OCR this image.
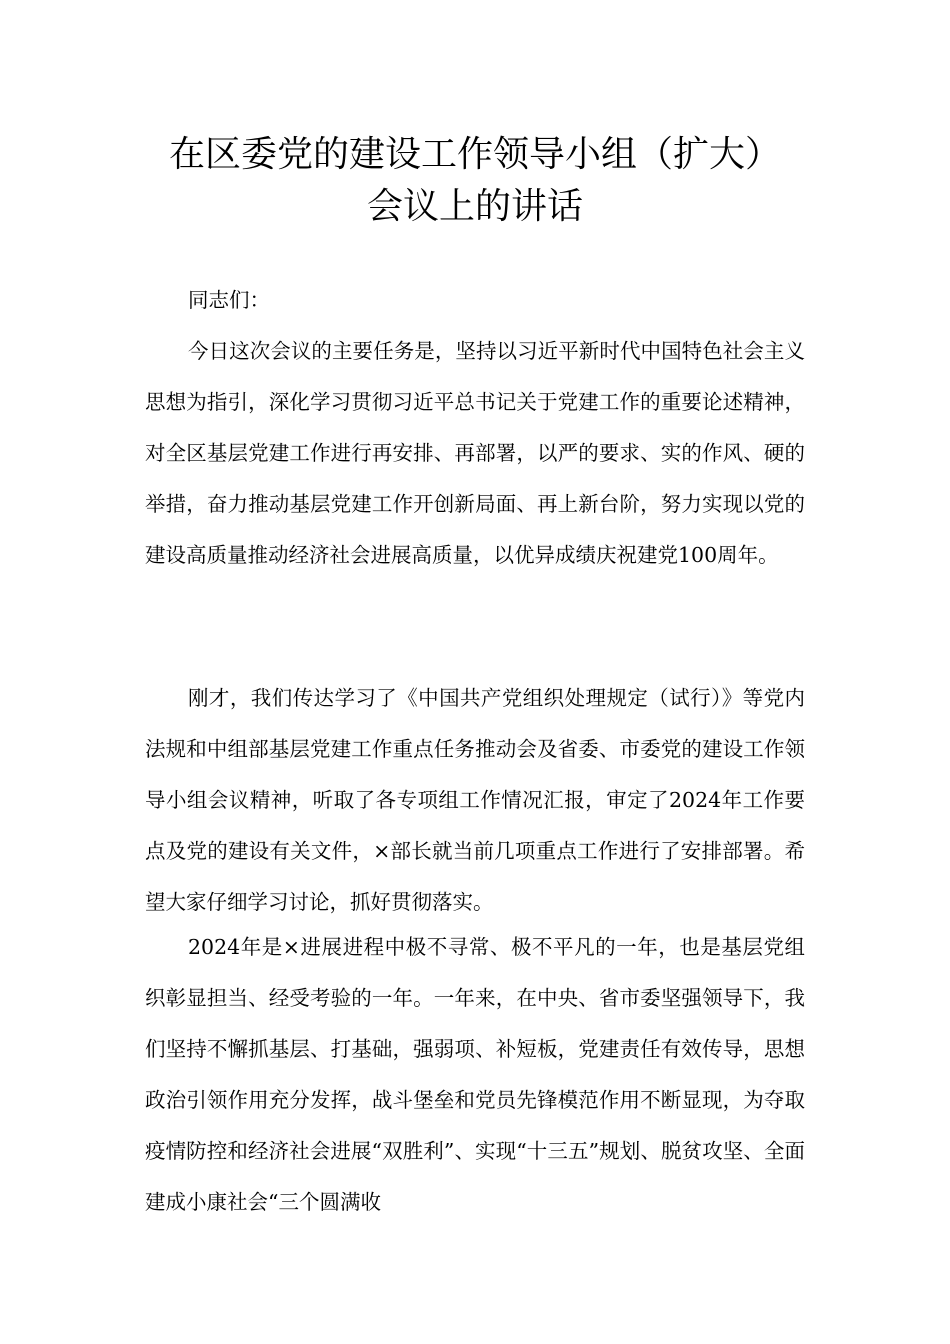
在区委党的建设工作领导小组（扩大）
会议上的讲话

同志们：

今日这次会议的主要任务是，坚持以习近平新时代中国特色社会主义思想为指引，深化学习贯彻习近平总书记关于党建工作的重要论述精神，对全区基层党建工作进行再安排、再部署，以严的要求、实的作风、硬的举措，奋力推动基层党建工作开创新局面、再上新台阶，努力实现以党的建设高质量推动经济社会进展高质量，以优异成绩庆祝建党100周年。

刚才，我们传达学习了《中国共产党组织处理规定（试行）》等党内法规和中组部基层党建工作重点任务推动会及省委、市委党的建设工作领导小组会议精神，听取了各专项组工作情况汇报，审定了2024年工作要点及党的建设有关文件，×部长就当前几项重点工作进行了安排部署。希望大家仔细学习讨论，抓好贯彻落实。

2024年是×进展进程中极不寻常、极不平凡的一年，也是基层党组织彰显担当、经受考验的一年。一年来，在中央、省市委坚强领导下，我们坚持不懈抓基层、打基础，强弱项、补短板，党建责任有效传导，思想政治引领作用充分发挥，战斗堡垒和党员先锋模范作用不断显现，为夺取疫情防控和经济社会进展“双胜利”、实现“十三五”规划、脱贫攻坚、全面建成小康社会“三个圆满收
